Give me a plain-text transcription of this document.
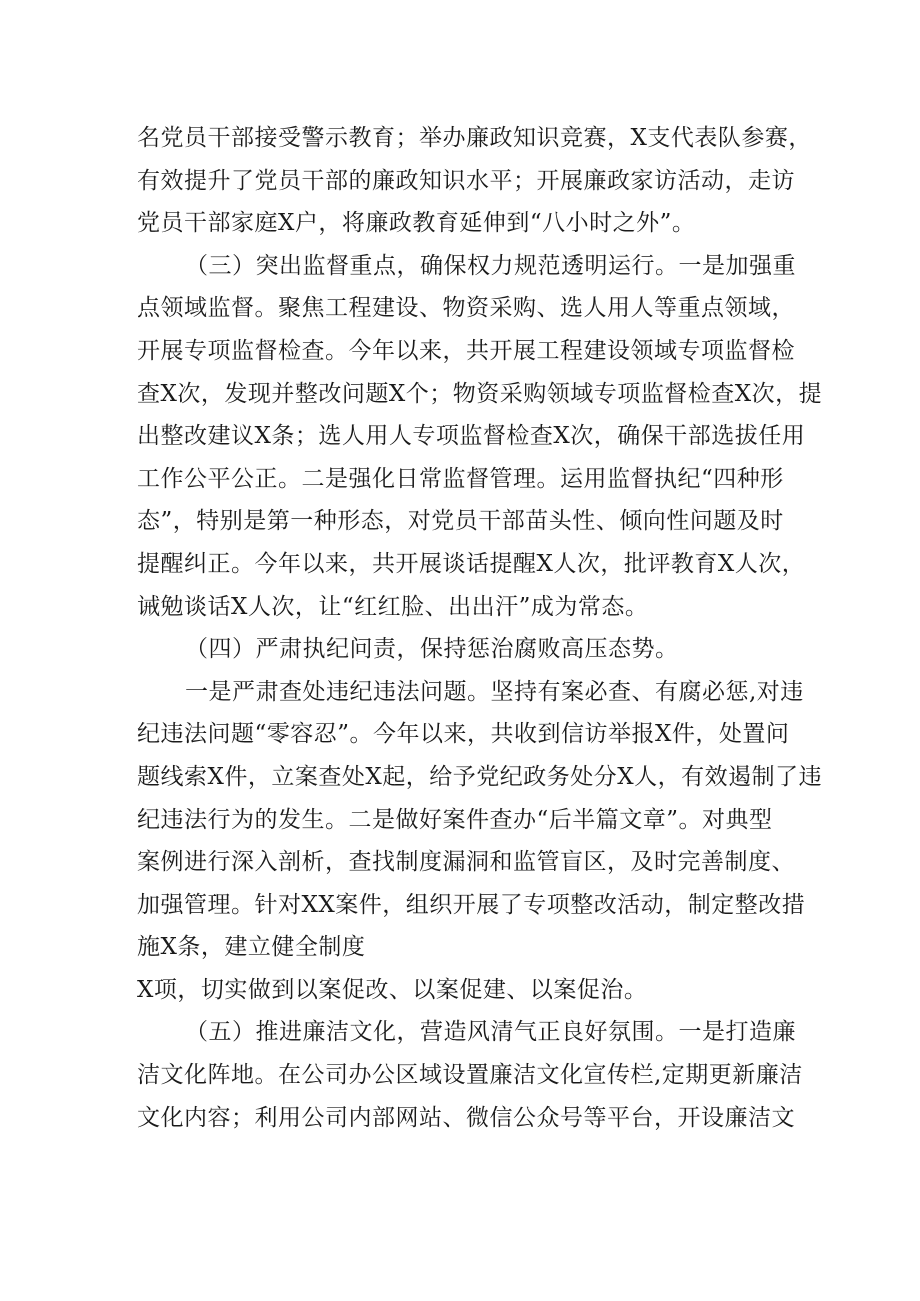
名党员干部接受警示教育；举办廉政知识竞赛，X支代表队参赛，
有效提升了党员干部的廉政知识水平；开展廉政家访活动，走访
党员干部家庭X户，将廉政教育延伸到“八小时之外”。
（三）突出监督重点，确保权力规范透明运行。一是加强重
点领域监督。聚焦工程建设、物资采购、选人用人等重点领域，
开展专项监督检查。今年以来，共开展工程建设领域专项监督检
查X次，发现并整改问题X个；物资采购领域专项监督检查X次，提
出整改建议X条；选人用人专项监督检查X次，确保干部选拔任用
工作公平公正。二是强化日常监督管理。运用监督执纪“四种形
态”，特别是第一种形态，对党员干部苗头性、倾向性问题及时
提醒纠正。今年以来，共开展谈话提醒X人次，批评教育X人次，
诫勉谈话X人次，让“红红脸、出出汗”成为常态。
（四）严肃执纪问责，保持惩治腐败高压态势。
一是严肃查处违纪违法问题。坚持有案必查、有腐必惩,对违
纪违法问题“零容忍”。今年以来，共收到信访举报X件，处置问
题线索X件，立案查处X起，给予党纪政务处分X人，有效遏制了违
纪违法行为的发生。二是做好案件查办“后半篇文章”。对典型
案例进行深入剖析，查找制度漏洞和监管盲区，及时完善制度、
加强管理。针对XX案件，组织开展了专项整改活动，制定整改措
施X条，建立健全制度
X项，切实做到以案促改、以案促建、以案促治。
（五）推进廉洁文化，营造风清气正良好氛围。一是打造廉
洁文化阵地。在公司办公区域设置廉洁文化宣传栏,定期更新廉洁
文化内容；利用公司内部网站、微信公众号等平台，开设廉洁文
